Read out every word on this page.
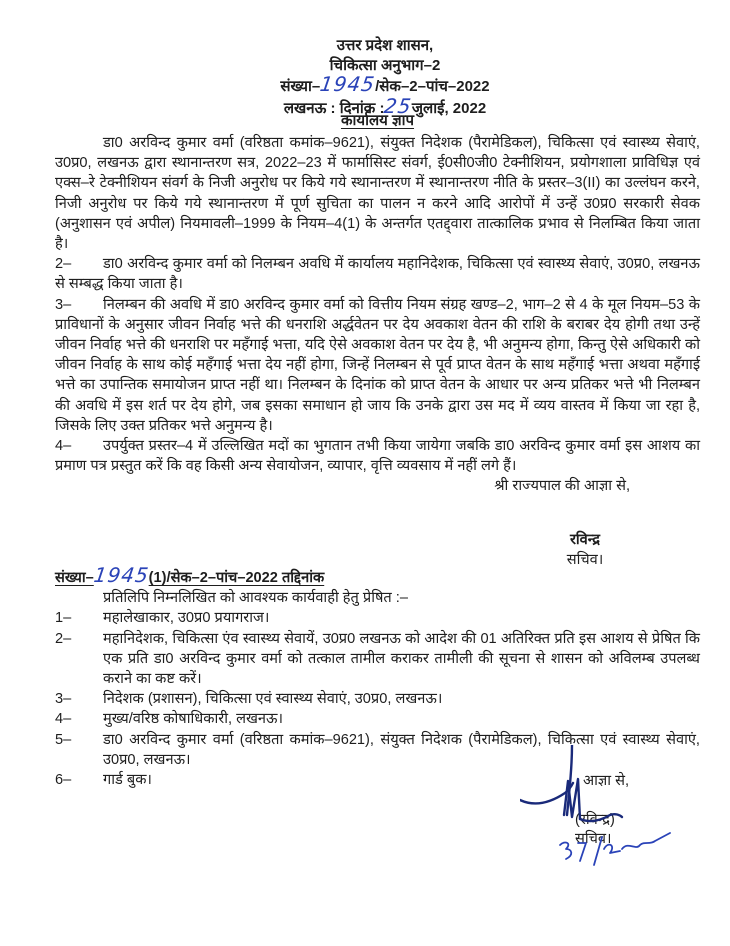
उत्तर प्रदेश शासन,
चिकित्सा अनुभाग–2
संख्या–1945/सेक–2–पांच–2022
लखनऊ : दिनांक :25जुलाई, 2022
कार्यालय ज्ञाप

डा0 अरविन्द कुमार वर्मा (वरिष्ठता कमांक–9621), संयुक्त निदेशक (पैरामेडिकल), चिकित्सा एवं स्वास्थ्य सेवाएं, उ0प्र0, लखनऊ द्वारा स्थानान्तरण सत्र, 2022–23 में फार्मासिस्ट संवर्ग, ई0सी0जी0 टेक्नीशियन, प्रयोगशाला प्राविधिज्ञ एवं एक्स–रे टेक्नीशियन संवर्ग के निजी अनुरोध पर किये गये स्थानान्तरण में स्थानान्तरण नीति के प्रस्तर–3(II) का उल्लंघन करने, निजी अनुरोध पर किये गये स्थानान्तरण में पूर्ण सुचिता का पालन न करने आदि आरोपों में उन्हें उ0प्र0 सरकारी सेवक (अनुशासन एवं अपील) नियमावली–1999 के नियम–4(1) के अन्तर्गत एतद्द्वारा तात्कालिक प्रभाव से निलम्बित किया जाता है।

2– डा0 अरविन्द कुमार वर्मा को निलम्बन अवधि में कार्यालय महानिदेशक, चिकित्सा एवं स्वास्थ्य सेवाएं, उ0प्र0, लखनऊ से सम्बद्ध किया जाता है।

3– निलम्बन की अवधि में डा0 अरविन्द कुमार वर्मा को वित्तीय नियम संग्रह खण्ड–2, भाग–2 से 4 के मूल नियम–53 के प्राविधानों के अनुसार जीवन निर्वाह भत्ते की धनराशि अर्द्धवेतन पर देय अवकाश वेतन की राशि के बराबर देय होगी तथा उन्हें जीवन निर्वाह भत्ते की धनराशि पर महँगाई भत्ता, यदि ऐसे अवकाश वेतन पर देय है, भी अनुमन्य होगा, किन्तु ऐसे अधिकारी को जीवन निर्वाह के साथ कोई महँगाई भत्ता देय नहीं होगा, जिन्हें निलम्बन से पूर्व प्राप्त वेतन के साथ महँगाई भत्ता अथवा महँगाई भत्ते का उपान्तिक समायोजन प्राप्त नहीं था। निलम्बन के दिनांक को प्राप्त वेतन के आधार पर अन्य प्रतिकर भत्ते भी निलम्बन की अवधि में इस शर्त पर देय होगे, जब इसका समाधान हो जाय कि उनके द्वारा उस मद में व्यय वास्तव में किया जा रहा है, जिसके लिए उक्त प्रतिकर भत्ते अनुमन्य है।

4– उपर्युक्त प्रस्तर–4 में उल्लिखित मदों का भुगतान तभी किया जायेगा जबकि डा0 अरविन्द कुमार वर्मा इस आशय का प्रमाण पत्र प्रस्तुत करें कि वह किसी अन्य सेवायोजन, व्यापार, वृत्ति व्यवसाय में नहीं लगे हैं।

श्री राज्यपाल की आज्ञा से,

रविन्द्र
सचिव।
संख्या–1945(1)/सेक–2–पांच–2022 तद्दिनांक

प्रतिलिपि निम्नलिखित को आवश्यक कार्यवाही हेतु प्रेषित :–

1–	महालेखाकार, उ0प्र0 प्रयागराज।
2–	महानिदेशक, चिकित्सा एंव स्वास्थ्य सेवायें, उ0प्र0 लखनऊ को आदेश की 01 अतिरिक्त प्रति इस आशय से प्रेषित कि एक प्रति डा0 अरविन्द कुमार वर्मा को तत्काल तामील कराकर तामीली की सूचना से शासन को अविलम्ब उपलब्ध कराने का कष्ट करें।
3–	निदेशक (प्रशासन), चिकित्सा एवं स्वास्थ्य सेवाएं, उ0प्र0, लखनऊ।
4–	मुख्य/वरिष्ठ कोषाधिकारी, लखनऊ।
5–	डा0 अरविन्द कुमार वर्मा (वरिष्ठता कमांक–9621), संयुक्त निदेशक (पैरामेडिकल), चिकित्सा एवं स्वास्थ्य सेवाएं, उ0प्र0, लखनऊ।
6–	गार्ड बुक।	आज्ञा से,
(रविन्द्र)
सचिव।
